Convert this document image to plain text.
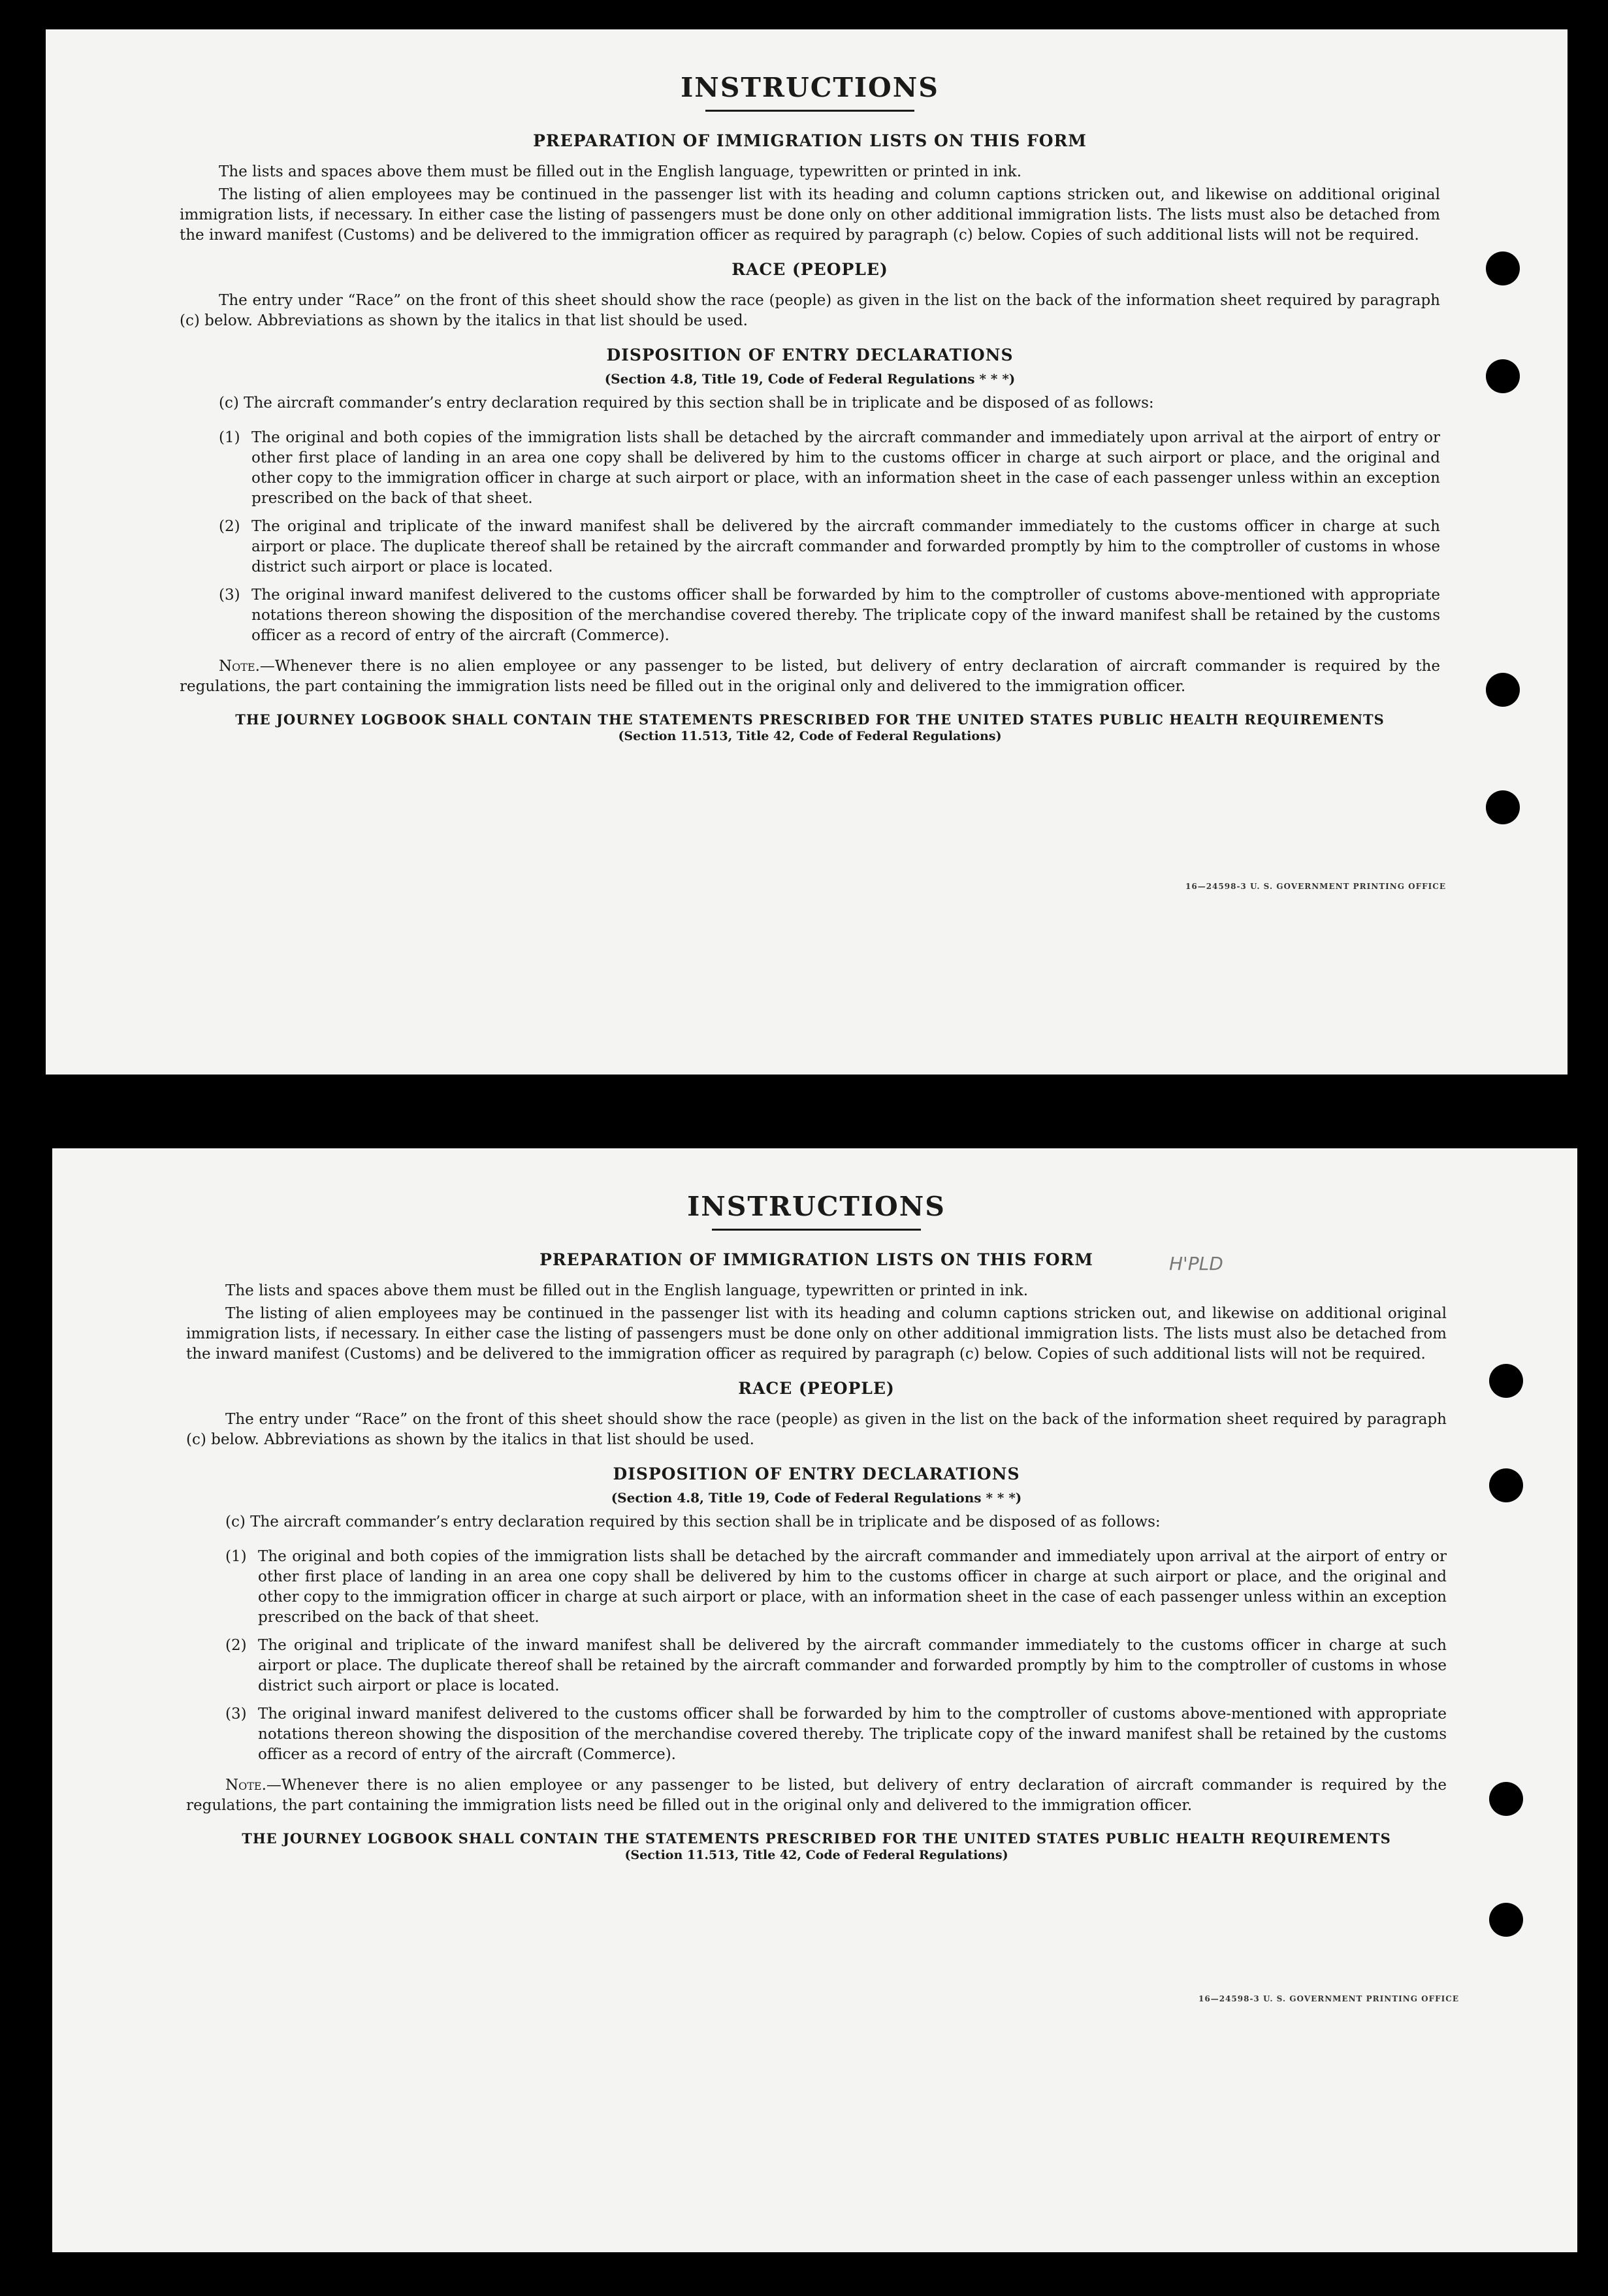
INSTRUCTIONS
PREPARATION OF IMMIGRATION LISTS ON THIS FORM

The lists and spaces above them must be filled out in the English language, typewritten or printed in ink.

The listing of alien employees may be continued in the passenger list with its heading and column captions stricken out, and likewise on additional original immigration lists, if necessary. In either case the listing of passengers must be done only on other additional immigration lists. The lists must also be detached from the inward manifest (Customs) and be delivered to the immigration officer as required by paragraph (c) below. Copies of such additional lists will not be required.

RACE (PEOPLE)

The entry under “Race” on the front of this sheet should show the race (people) as given in the list on the back of the information sheet required by paragraph (c) below. Abbreviations as shown by the italics in that list should be used.

DISPOSITION OF ENTRY DECLARATIONS
(Section 4.8, Title 19, Code of Federal Regulations * * *)

(c) The aircraft commander’s entry declaration required by this section shall be in triplicate and be disposed of as follows:

(1) The original and both copies of the immigration lists shall be detached by the aircraft commander and immediately upon arrival at the airport of entry or other first place of landing in an area one copy shall be delivered by him to the customs officer in charge at such airport or place, and the original and other copy to the immigration officer in charge at such airport or place, with an information sheet in the case of each passenger unless within an exception prescribed on the back of that sheet.
(2) The original and triplicate of the inward manifest shall be delivered by the aircraft commander immediately to the customs officer in charge at such airport or place. The duplicate thereof shall be retained by the aircraft commander and forwarded promptly by him to the comptroller of customs in whose district such airport or place is located.
(3) The original inward manifest delivered to the customs officer shall be forwarded by him to the comptroller of customs above-mentioned with appropriate notations thereon showing the disposition of the merchandise covered thereby. The triplicate copy of the inward manifest shall be retained by the customs officer as a record of entry of the aircraft (Commerce).

Note.—Whenever there is no alien employee or any passenger to be listed, but delivery of entry declaration of aircraft commander is required by the regulations, the part containing the immigration lists need be filled out in the original only and delivered to the immigration officer.

THE JOURNEY LOGBOOK SHALL CONTAIN THE STATEMENTS PRESCRIBED FOR THE UNITED STATES PUBLIC HEALTH REQUIREMENTS
(Section 11.513, Title 42, Code of Federal Regulations)
16—24598-3 U. S. GOVERNMENT PRINTING OFFICE
INSTRUCTIONS
PREPARATION OF IMMIGRATION LISTS ON THIS FORM

The lists and spaces above them must be filled out in the English language, typewritten or printed in ink.

The listing of alien employees may be continued in the passenger list with its heading and column captions stricken out, and likewise on additional original immigration lists, if necessary. In either case the listing of passengers must be done only on other additional immigration lists. The lists must also be detached from the inward manifest (Customs) and be delivered to the immigration officer as required by paragraph (c) below. Copies of such additional lists will not be required.

RACE (PEOPLE)

The entry under “Race” on the front of this sheet should show the race (people) as given in the list on the back of the information sheet required by paragraph (c) below. Abbreviations as shown by the italics in that list should be used.

DISPOSITION OF ENTRY DECLARATIONS
(Section 4.8, Title 19, Code of Federal Regulations * * *)

(c) The aircraft commander’s entry declaration required by this section shall be in triplicate and be disposed of as follows:

(1) The original and both copies of the immigration lists shall be detached by the aircraft commander and immediately upon arrival at the airport of entry or other first place of landing in an area one copy shall be delivered by him to the customs officer in charge at such airport or place, and the original and other copy to the immigration officer in charge at such airport or place, with an information sheet in the case of each passenger unless within an exception prescribed on the back of that sheet.
(2) The original and triplicate of the inward manifest shall be delivered by the aircraft commander immediately to the customs officer in charge at such airport or place. The duplicate thereof shall be retained by the aircraft commander and forwarded promptly by him to the comptroller of customs in whose district such airport or place is located.
(3) The original inward manifest delivered to the customs officer shall be forwarded by him to the comptroller of customs above-mentioned with appropriate notations thereon showing the disposition of the merchandise covered thereby. The triplicate copy of the inward manifest shall be retained by the customs officer as a record of entry of the aircraft (Commerce).

Note.—Whenever there is no alien employee or any passenger to be listed, but delivery of entry declaration of aircraft commander is required by the regulations, the part containing the immigration lists need be filled out in the original only and delivered to the immigration officer.

THE JOURNEY LOGBOOK SHALL CONTAIN THE STATEMENTS PRESCRIBED FOR THE UNITED STATES PUBLIC HEALTH REQUIREMENTS
(Section 11.513, Title 42, Code of Federal Regulations)
16—24598-3 U. S. GOVERNMENT PRINTING OFFICE
H'PLD
